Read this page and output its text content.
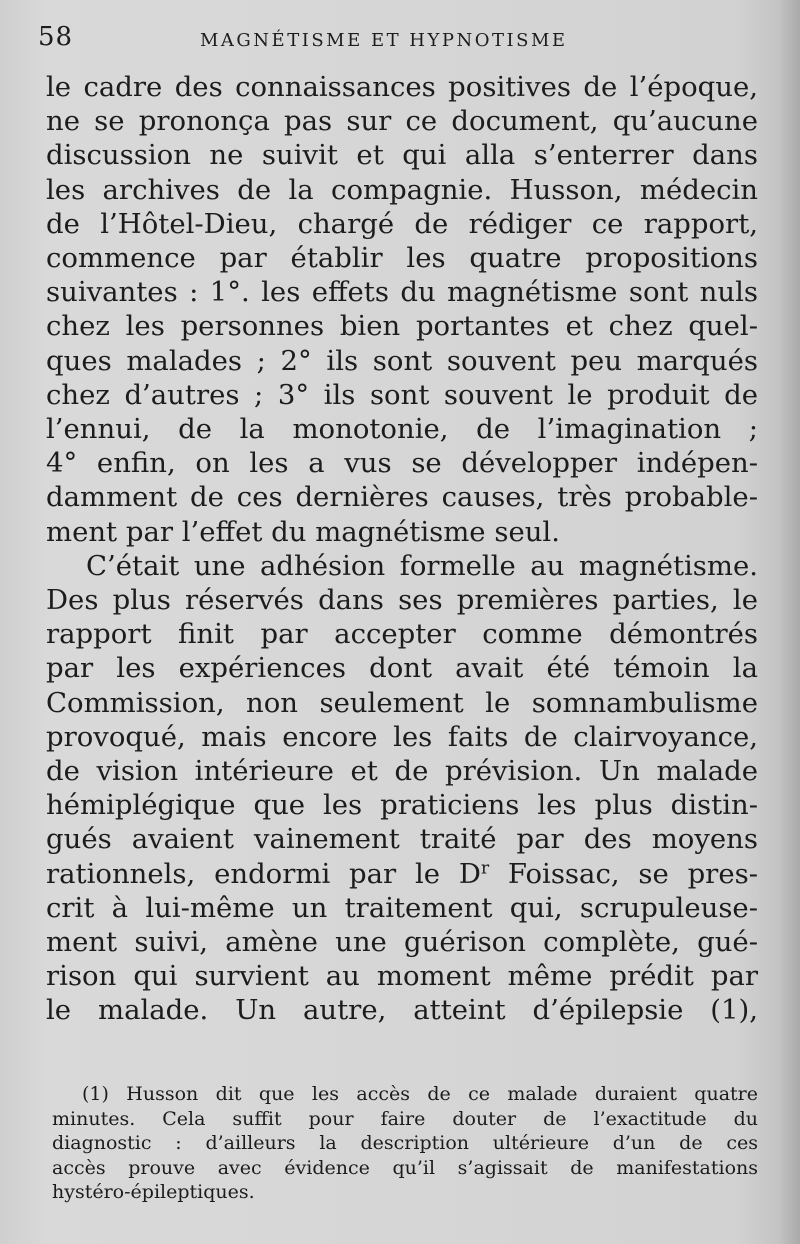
58	MAGNÉTISME ET HYPNOTISME
le cadre des connaissances positives de l’époque,
ne se prononça pas sur ce document, qu’aucune
discussion ne suivit et qui alla s’enterrer dans
les archives de la compagnie. Husson, médecin
de l’Hôtel-Dieu, chargé de rédiger ce rapport,
commence par établir les quatre propositions
suivantes : 1°. les effets du magnétisme sont nuls
chez les personnes bien portantes et chez quel-
ques malades ; 2° ils sont souvent peu marqués
chez d’autres ; 3° ils sont souvent le produit de
l’ennui, de la monotonie, de l’imagination ;
4° enfin, on les a vus se développer indépen-
damment de ces dernières causes, très probable-
ment par l’effet du magnétisme seul.
C’était une adhésion formelle au magnétisme.
Des plus réservés dans ses premières parties, le
rapport finit par accepter comme démontrés
par les expériences dont avait été témoin la
Commission, non seulement le somnambulisme
provoqué, mais encore les faits de clairvoyance,
de vision intérieure et de prévision. Un malade
hémiplégique que les praticiens les plus distin-
gués avaient vainement traité par des moyens
rationnels, endormi par le $D^r$ Foissac, se pres-
crit à lui-même un traitement qui, scrupuleuse-
ment suivi, amène une guérison complète, gué-
rison qui survient au moment même prédit par
le malade. Un autre, atteint d’épilepsie (1),
(1) Husson dit que les accès de ce malade duraient quatre
minutes. Cela suffit pour faire douter de l’exactitude du
diagnostic : d’ailleurs la description ultérieure d’un de ces
accès prouve avec évidence qu’il s’agissait de manifestations
hystéro-épileptiques.
